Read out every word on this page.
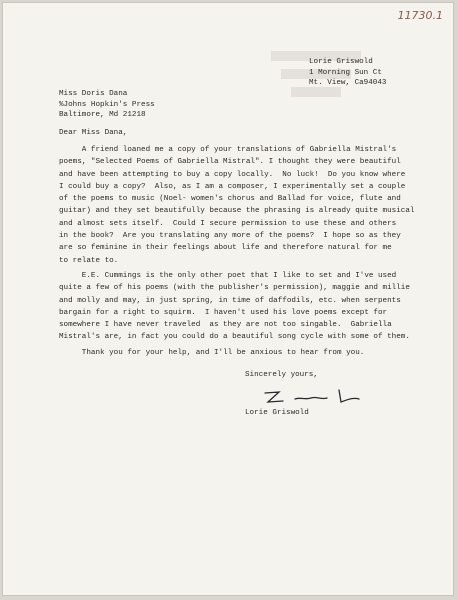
11730.1
Lorie Griswold
1 Morning Sun Ct
Mt. View, Ca94043
Miss Doris Dana
%Johns Hopkin's Press
Baltimore, Md 21218
Dear Miss Dana,
A friend loaned me a copy of your translations of Gabriella Mistral's
poems, "Selected Poems of Gabriella Mistral". I thought they were beautiful
and have been attempting to buy a copy locally.  No luck!  Do you know where
I could buy a copy?  Also, as I am a composer, I experimentally set a couple
of the poems to music (Noel- women's chorus and Ballad for voice, flute and
guitar) and they set beautifully because the phrasing is already quite musical
and almost sets itself.  Could I secure permission to use these and others
in the book?  Are you translating any more of the poems?  I hope so as they
are so feminine in their feelings about life and therefore natural for me
to relate to.
E.E. Cummings is the only other poet that I like to set and I've used
quite a few of his poems (with the publisher's permission), maggie and millie
and molly and may, in just spring, in time of daffodils, etc. when serpents
bargain for a right to squirm.  I haven't used his love poems except for
somewhere I have never traveled  as they are not too singable.  Gabriella
Mistral's are, in fact you could do a beautiful song cycle with some of them.
Thank you for your help, and I'll be anxious to hear from you.
Sincerely yours,
Lorie Griswold
